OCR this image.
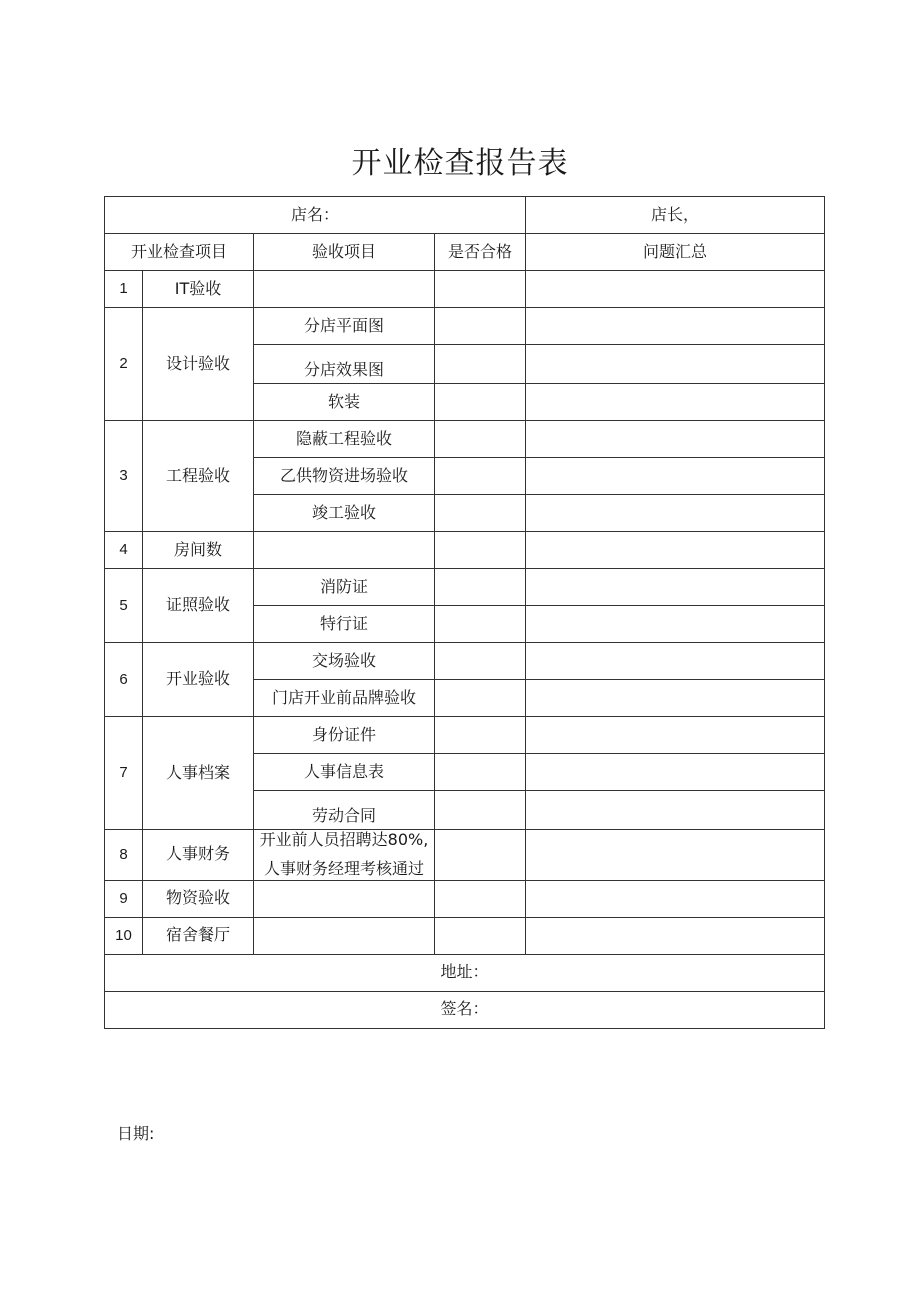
开业检查报告表
店名：				店长，
开业检查项目		验收项目	是否合格	问题汇总
1	IT验收			
2	设计验收	分店平面图		
		分店效果图		
		软装		
3	工程验收	隐蔽工程验收		
		乙供物资进场验收		
		竣工验收		
4	房间数			
5	证照验收	消防证		
		特行证		
6	开业验收	交场验收		
		门店开业前品牌验收		
7	人事档案	身份证件		
		人事信息表		
		劳动合同		
8	人事财务	开业前人员招聘达80%,
人事财务经理考核通过		

9	物资验收			
10	宿舍餐厅			
地址：				
签名：				
日期:
